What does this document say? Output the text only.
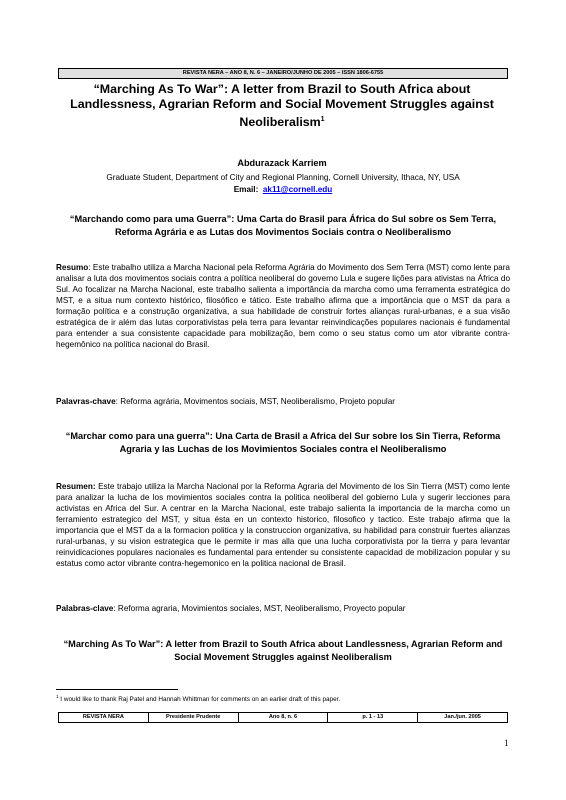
REVISTA NERA – ANO 8, N. 6 – JANEIRO/JUNHO DE 2005 – ISSN 1806-6755
“Marching As To War”: A letter from Brazil to South Africa about Landlessness, Agrarian Reform and Social Movement Struggles against Neoliberalism$^1$
Abdurazack Karriem
Graduate Student, Department of City and Regional Planning, Cornell University, Ithaca, NY, USA
Email: ak11@cornell.edu
“Marchando como para uma Guerra”: Uma Carta do Brasil para África do Sul sobre os Sem Terra, Reforma Agrária e as Lutas dos Movimentos Sociais contra o Neoliberalismo
Resumo: Este trabalho utiliza a Marcha Nacional pela Reforma Agrária do Movimento dos Sem Terra (MST) como lente para analisar a luta dos movimentos sociais contra a política neoliberal do governo Lula e sugere lições para ativistas na África do Sul. Ao focalizar na Marcha Nacional, este trabalho salienta a importância da marcha como uma ferramenta estratégica do MST, e a situa num contexto histórico, filosófico e tático. Este trabalho afirma que a importância que o MST da para a formação política e a construção organizativa, a sua habilidade de construir fortes alianças rural-urbanas, e a sua visão estratégica de ir além das lutas corporativistas pela terra para levantar reinvindicações populares nacionais é fundamental para entender a sua consistente capacidade para mobilização, bem como o seu status como um ator vibrante contra-hegemônico na política nacional do Brasil.
Palavras-chave: Reforma agrária, Movimentos sociais, MST, Neoliberalismo, Projeto popular
“Marchar como para una guerra”: Una Carta de Brasil a Africa del Sur sobre los Sin Tierra, Reforma Agraria y las Luchas de los Movimientos Sociales contra el Neoliberalismo
Resumen: Este trabajo utiliza la Marcha Nacional por la Reforma Agraria del Movimento de los Sin Tierra (MST) como lente para analizar la lucha de los movimientos sociales contra la politica neoliberal del gobierno Lula y sugerir lecciones para activistas en Africa del Sur. A centrar en la Marcha Nacional, este trabajo salienta la importancia de la marcha como un ferramiento estrategico del MST, y situa ésta en un contexto historico, filosofico y tactico. Este trabajo afirma que la importancia que el MST da a la formacion politica y la construccion organizativa, su habilidad para construir fuertes alianzas rural-urbanas, y su vision estrategica que le permite ir mas alla que una lucha corporativista por la tierra y para levantar reinvidicaciones populares nacionales es fundamental para entender su consistente capacidad de mobilizacion popular y su estatus como actor vibrante contra-hegemonico en la politica nacional de Brasil.
Palabras-clave: Reforma agraria, Movimientos sociales, MST, Neoliberalismo, Proyecto popular
“Marching As To War”: A letter from Brazil to South Africa about Landlessness, Agrarian Reform and Social Movement Struggles against Neoliberalism
$^1$ I would like to thank Raj Patel and Hannah Whittman for comments on an earlier draft of this paper.
REVISTA NERA	Presidente Prudente	Ano 8, n. 6	p. 1 - 13	Jan./jun. 2005
1
